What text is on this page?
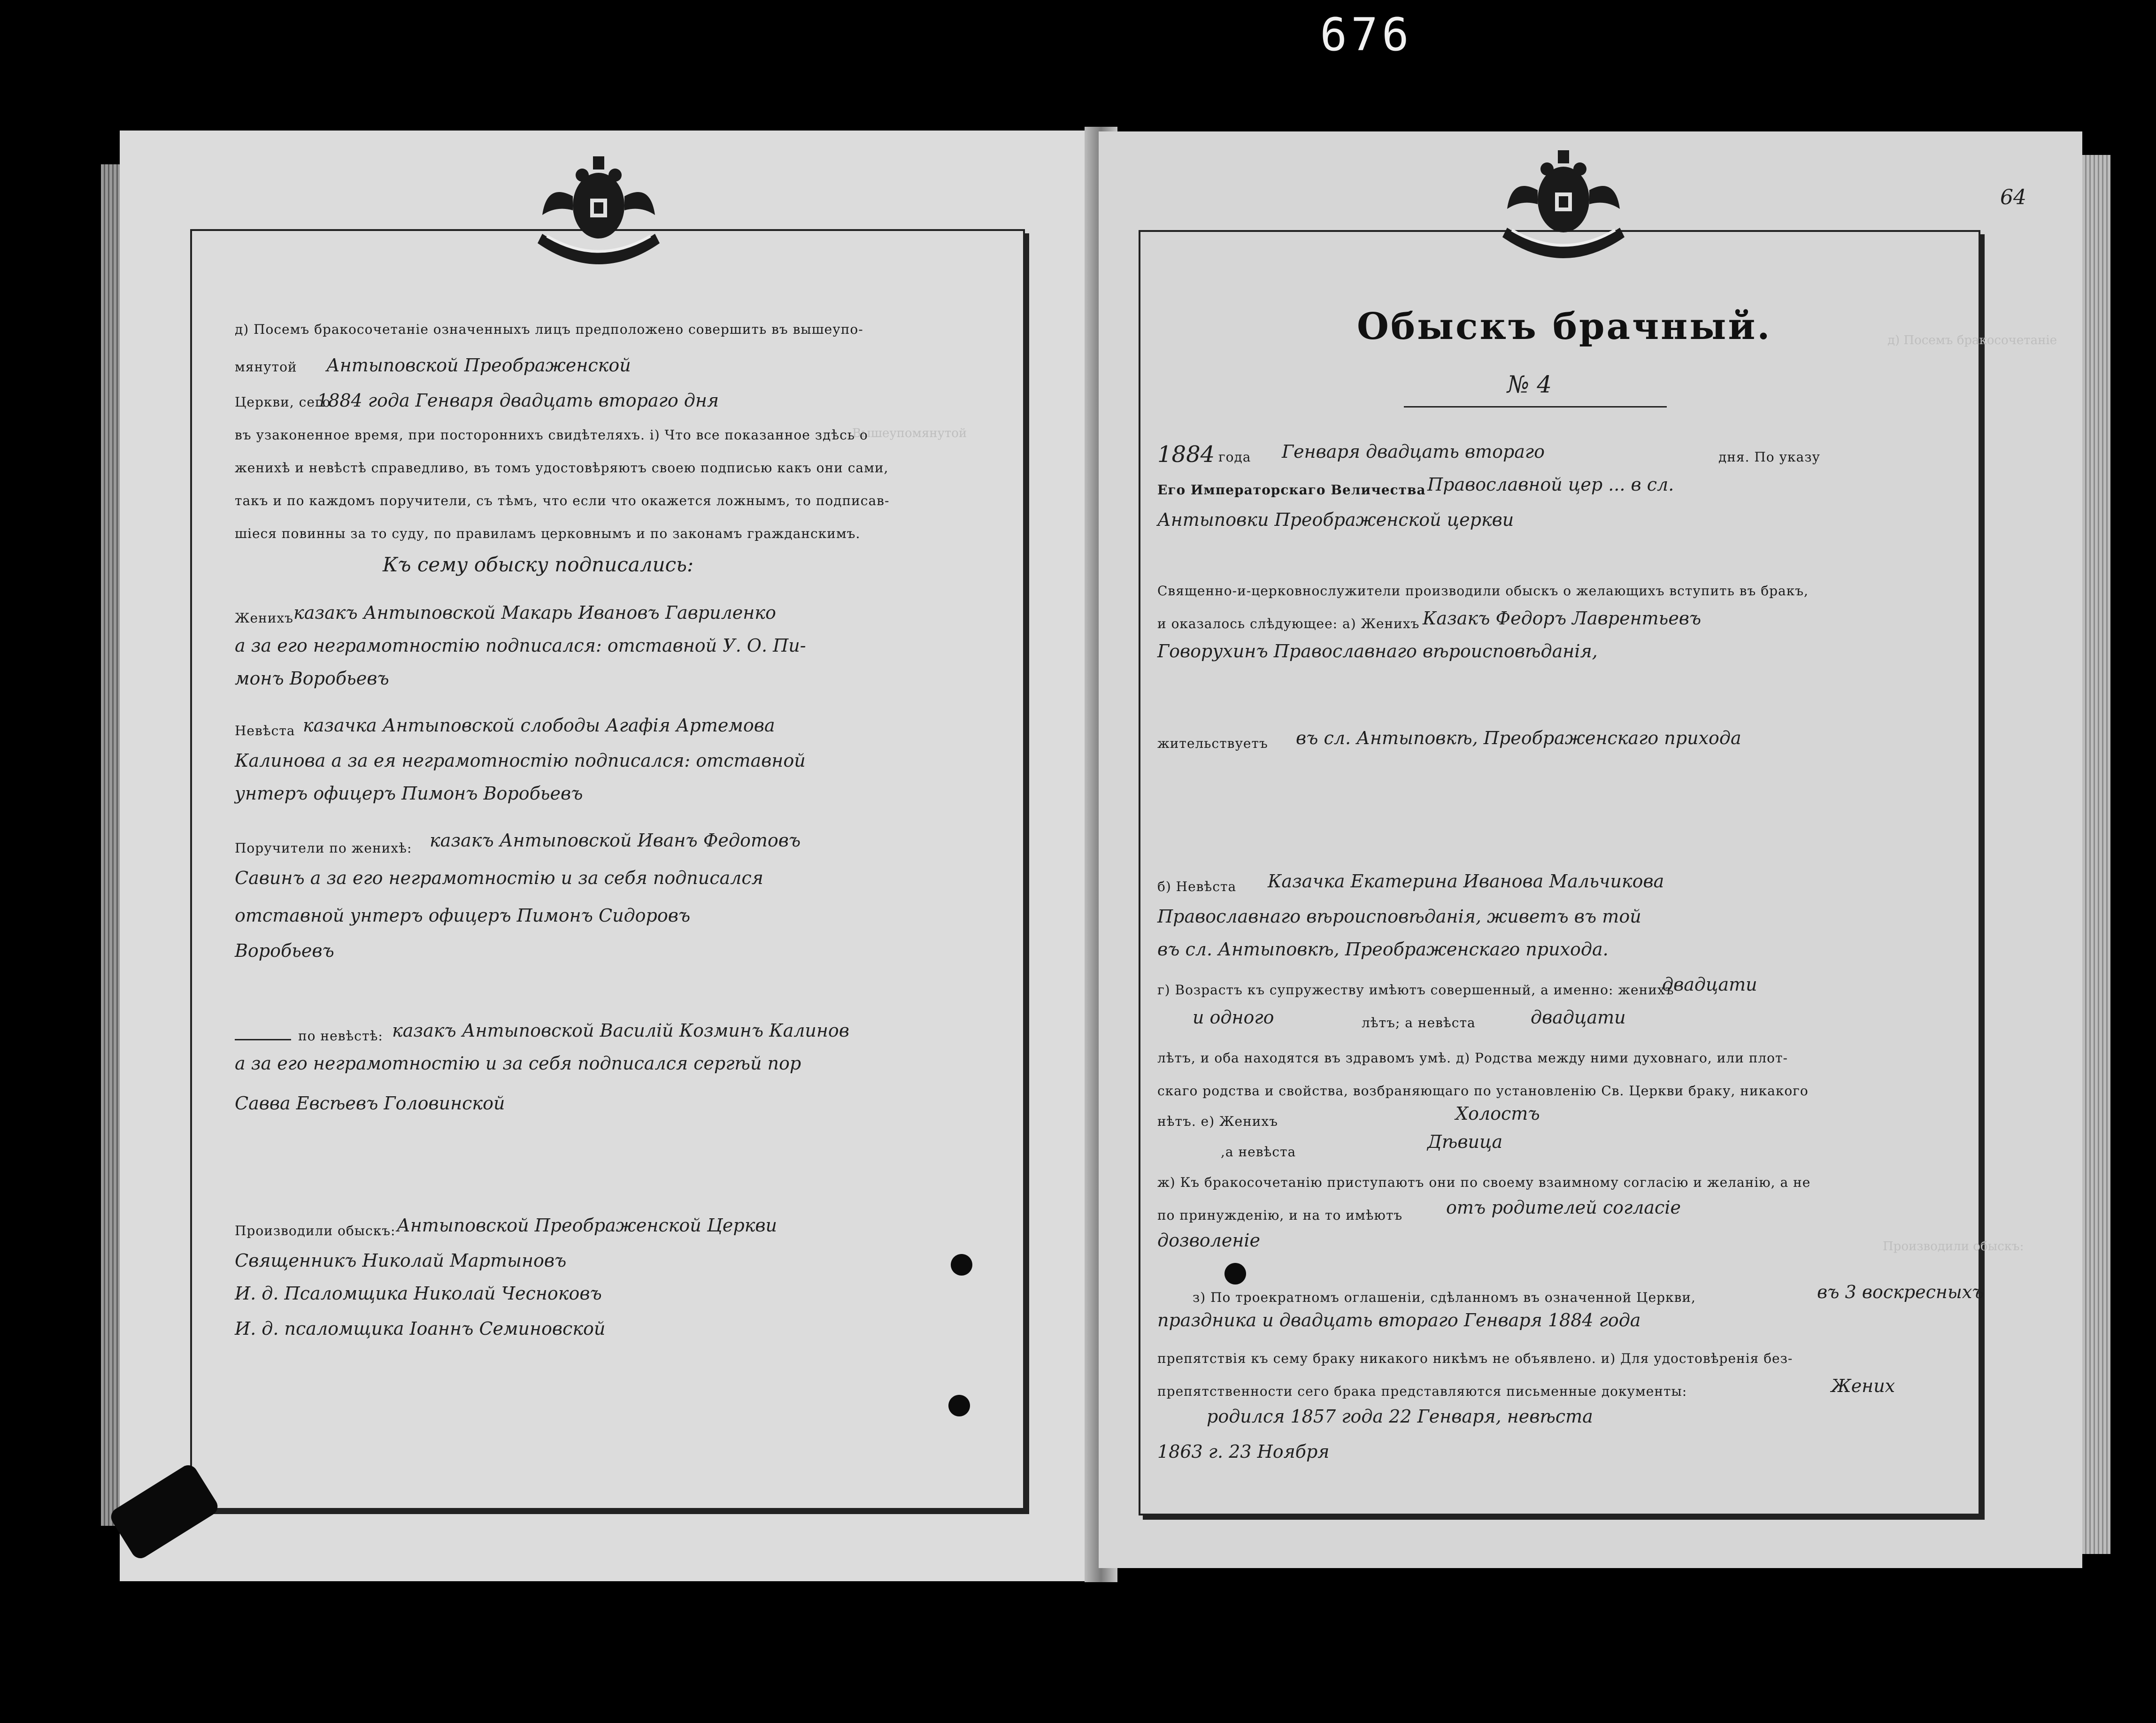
676
Вышеупомянутой
д) Посемъ бракосочетаніе означенныхъ лицъ предположено совершить въ вышеупо-
мянутой Антыповской Преображенской
Церкви, сего
1884 года Генваря двадцать втораго дня
въ узаконенное время, при постороннихъ свидѣтеляхъ. і) Что все показанное здѣсь о
женихѣ и невѣстѣ справедливо, въ томъ удостовѣряютъ своею подписью какъ они сами,
такъ и по каждомъ поручители, съ тѣмъ, что если что окажется ложнымъ, то подписав-
шіеся повинны за то суду, по правиламъ церковнымъ и по законамъ гражданскимъ.
Къ сему обыску подписались:
Женихъ казакъ Антыповской Макарь Ивановъ Гавриленко
а за его неграмотностію подписался: отставной У. О. Пи-
монъ Воробьевъ
Невѣста казачка Антыповской слободы Агафія Артемова
Калинова а за ея неграмотностію подписался: отставной
унтеръ офицеръ Пимонъ Воробьевъ
Поручители по женихѣ: казакъ Антыповской Иванъ Федотовъ
Савинъ а за его неграмотностію и за себя подписался
отставной унтеръ офицеръ Пимонъ Сидоровъ
Воробьевъ
по невѣстѣ: казакъ Антыповской Василій Козминъ Калинов
а за его неграмотностію и за себя подписался сергѣй пор
Савва Евсѣевъ Головинской
Производили обыскъ: Антыповской Преображенской Церкви
Священникъ Николай Мартыновъ
И. д. Псаломщика Николай Чесноковъ
И. д. псаломщика Іоаннъ Семиновской
64
д) Посемъ бракосочетаніе
Производили обыскъ:
Обыскъ брачный.
№ 4
1884 года Генваря двадцать втораго	дня. По указу
Его Императорскаго Величества Православной цер ... в сл.
Антыповки Преображенской церкви
Священно-и-церковнослужители производили обыскъ о желающихъ вступить въ бракъ,
и оказалось слѣдующее: а) Женихъ Казакъ Федоръ Лаврентьевъ
Говорухинъ Православнаго вѣроисповѣданія,
жительствуетъ въ сл. Антыповкѣ, Преображенскаго прихода
б) Невѣста Казачка Екатерина Иванова Мальчикова
Православнаго вѣроисповѣданія, живетъ въ той
въ сл. Антыповкѣ, Преображенскаго прихода.
г) Возрастъ къ супружеству имѣютъ совершенный, а именно: женихъ
двадцати
и одного	лѣтъ; а невѣста	двадцати
лѣтъ, и оба находятся въ здравомъ умѣ. д) Родства между ними духовнаго, или плот-
скаго родства и свойства, возбраняющаго по установленію Св. Церкви браку, никакого
нѣтъ. е) Женихъ	Холостъ
,а невѣста	Дѣвица
ж) Къ бракосочетанію приступаютъ они по своему взаимному согласію и желанію, а не
по принужденію, и на то имѣютъ отъ родителей согласіе
дозволеніе
з) По троекратномъ оглашеніи, сдѣланномъ въ означенной Церкви,	въ 3 воскресныхъ
праздника и двадцать втораго Генваря 1884 года
препятствія къ сему браку никакого никѣмъ не объявлено. и) Для удостовѣренія без-
препятственности сего брака представляются письменные документы:	Жених
родился 1857 года 22 Генваря, невѣста
1863 г. 23 Ноября
